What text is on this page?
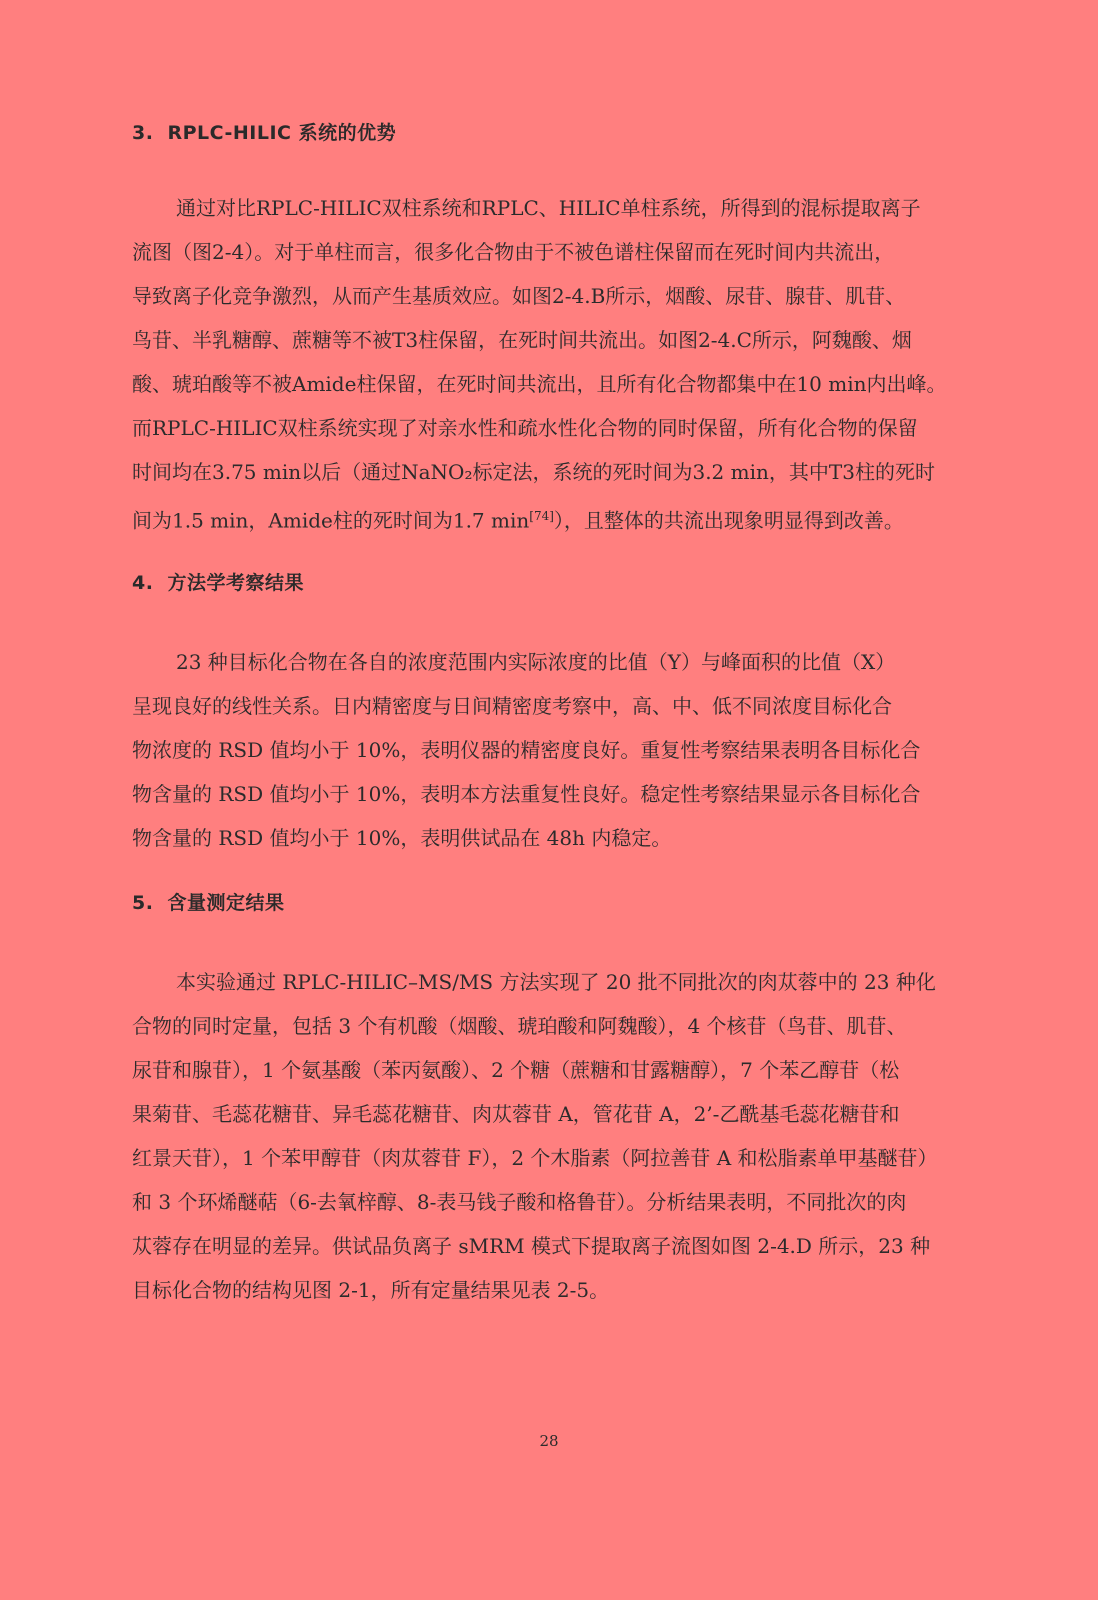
3. RPLC-HILIC 系统的优势
通过对比RPLC-HILIC双柱系统和RPLC、HILIC单柱系统，所得到的混标提取离子
流图（图2-4）。对于单柱而言，很多化合物由于不被色谱柱保留而在死时间内共流出，
导致离子化竞争激烈，从而产生基质效应。如图2-4.B所示，烟酸、尿苷、腺苷、肌苷、
鸟苷、半乳糖醇、蔗糖等不被T3柱保留，在死时间共流出。如图2-4.C所示，阿魏酸、烟
酸、琥珀酸等不被Amide柱保留，在死时间共流出，且所有化合物都集中在10 min内出峰。
而RPLC-HILIC双柱系统实现了对亲水性和疏水性化合物的同时保留，所有化合物的保留
时间均在3.75 min以后（通过NaNO₂标定法，系统的死时间为3.2 min，其中T3柱的死时
间为1.5 min，Amide柱的死时间为1.7 min[74]），且整体的共流出现象明显得到改善。
4. 方法学考察结果
23 种目标化合物在各自的浓度范围内实际浓度的比值（Y）与峰面积的比值（X）
呈现良好的线性关系。日内精密度与日间精密度考察中，高、中、低不同浓度目标化合
物浓度的 RSD 值均小于 10%，表明仪器的精密度良好。重复性考察结果表明各目标化合
物含量的 RSD 值均小于 10%，表明本方法重复性良好。稳定性考察结果显示各目标化合
物含量的 RSD 值均小于 10%，表明供试品在 48h 内稳定。
5. 含量测定结果
本实验通过 RPLC-HILIC–MS/MS 方法实现了 20 批不同批次的肉苁蓉中的 23 种化
合物的同时定量，包括 3 个有机酸（烟酸、琥珀酸和阿魏酸），4 个核苷（鸟苷、肌苷、
尿苷和腺苷），1 个氨基酸（苯丙氨酸）、2 个糖（蔗糖和甘露糖醇），7 个苯乙醇苷（松
果菊苷、毛蕊花糖苷、异毛蕊花糖苷、肉苁蓉苷 A，管花苷 A，2’-乙酰基毛蕊花糖苷和
红景天苷），1 个苯甲醇苷（肉苁蓉苷 F），2 个木脂素（阿拉善苷 A 和松脂素单甲基醚苷）
和 3 个环烯醚萜（6-去氧梓醇、8-表马钱子酸和格鲁苷）。分析结果表明，不同批次的肉
苁蓉存在明显的差异。供试品负离子 sMRM 模式下提取离子流图如图 2-4.D 所示，23 种
目标化合物的结构见图 2-1，所有定量结果见表 2-5。
28
